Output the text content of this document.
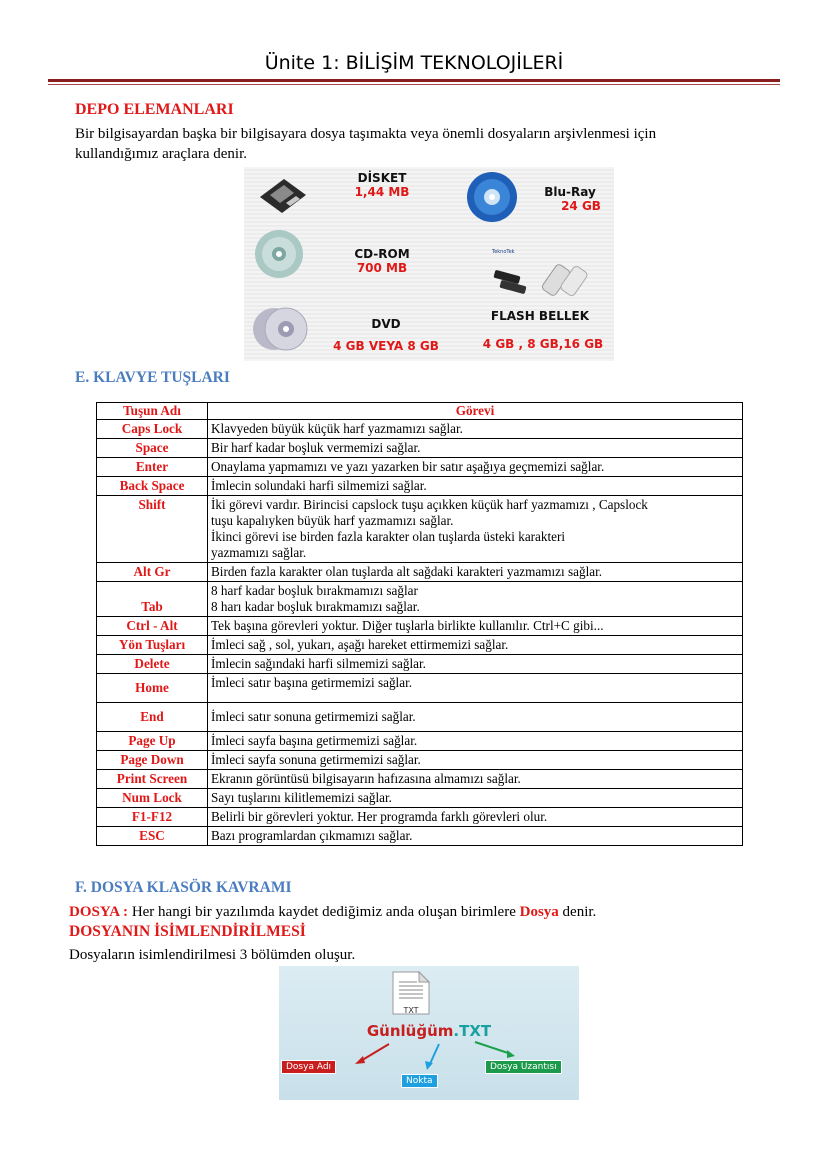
Ünite 1: BİLİŞİM TEKNOLOJİLERİ
DEPO ELEMANLARI
Bir bilgisayardan başka bir bilgisayara dosya taşımakta veya önemli dosyaların arşivlenmesi için
kullandığımız araçlara denir.
DİSKET
1,44 MB	Blu-Ray
24 GB
CD-ROM
700 MB
TeknoTek
FLASH BELLEK
4 GB , 8 GB,16 GB
DVD
4 GB VEYA 8 GB
E. KLAVYE TUŞLARI
Tuşun Adı	Görevi
Caps Lock	Klavyeden büyük küçük harf yazmamızı sağlar.
Space	Bir harf kadar boşluk vermemizi sağlar.
Enter	Onaylama yapmamızı ve yazı yazarken bir satır aşağıya geçmemizi sağlar.
Back Space	İmlecin solundaki harfi silmemizi sağlar.
Shift	İki görevi vardır. Birincisi capslock tuşu açıkken küçük harf yazmamızı , Capslock
tuşu kapalıyken büyük harf yazmamızı sağlar.
İkinci görevi ise birden fazla karakter olan tuşlarda üsteki karakteri
yazmamızı sağlar.

Alt Gr	Birden fazla karakter olan tuşlarda alt sağdaki karakteri yazmamızı sağlar.
Tab	8 harf kadar boşluk bırakmamızı sağlar
8 harı kadar boşluk bırakmamızı sağlar.

Ctrl - Alt	Tek başına görevleri yoktur. Diğer tuşlarla birlikte kullanılır. Ctrl+C gibi...
Yön Tuşları	İmleci sağ , sol, yukarı, aşağı hareket ettirmemizi sağlar.
Delete	İmlecin sağındaki harfi silmemizi sağlar.
Home	İmleci satır başına getirmemizi sağlar.
End	İmleci satır sonuna getirmemizi sağlar.
Page Up	İmleci sayfa başına getirmemizi sağlar.
Page Down	İmleci sayfa sonuna getirmemizi sağlar.
Print Screen	Ekranın görüntüsü bilgisayarın hafızasına almamızı sağlar.
Num Lock	Sayı tuşlarını kilitlememizi sağlar.
F1-F12	Belirli bir görevleri yoktur. Her programda farklı görevleri olur.
ESC	Bazı programlardan çıkmamızı sağlar.
F. DOSYA KLASÖR KAVRAMI
DOSYA : Her hangi bir yazılımda kaydet dediğimiz anda oluşan birimlere Dosya denir.
DOSYANIN İSİMLENDİRİLMESİ
Dosyaların isimlendirilmesi 3 bölümden oluşur.
TXT
Günlüğüm.TXT
Dosya Adı
Nokta
Dosya Uzantısı
